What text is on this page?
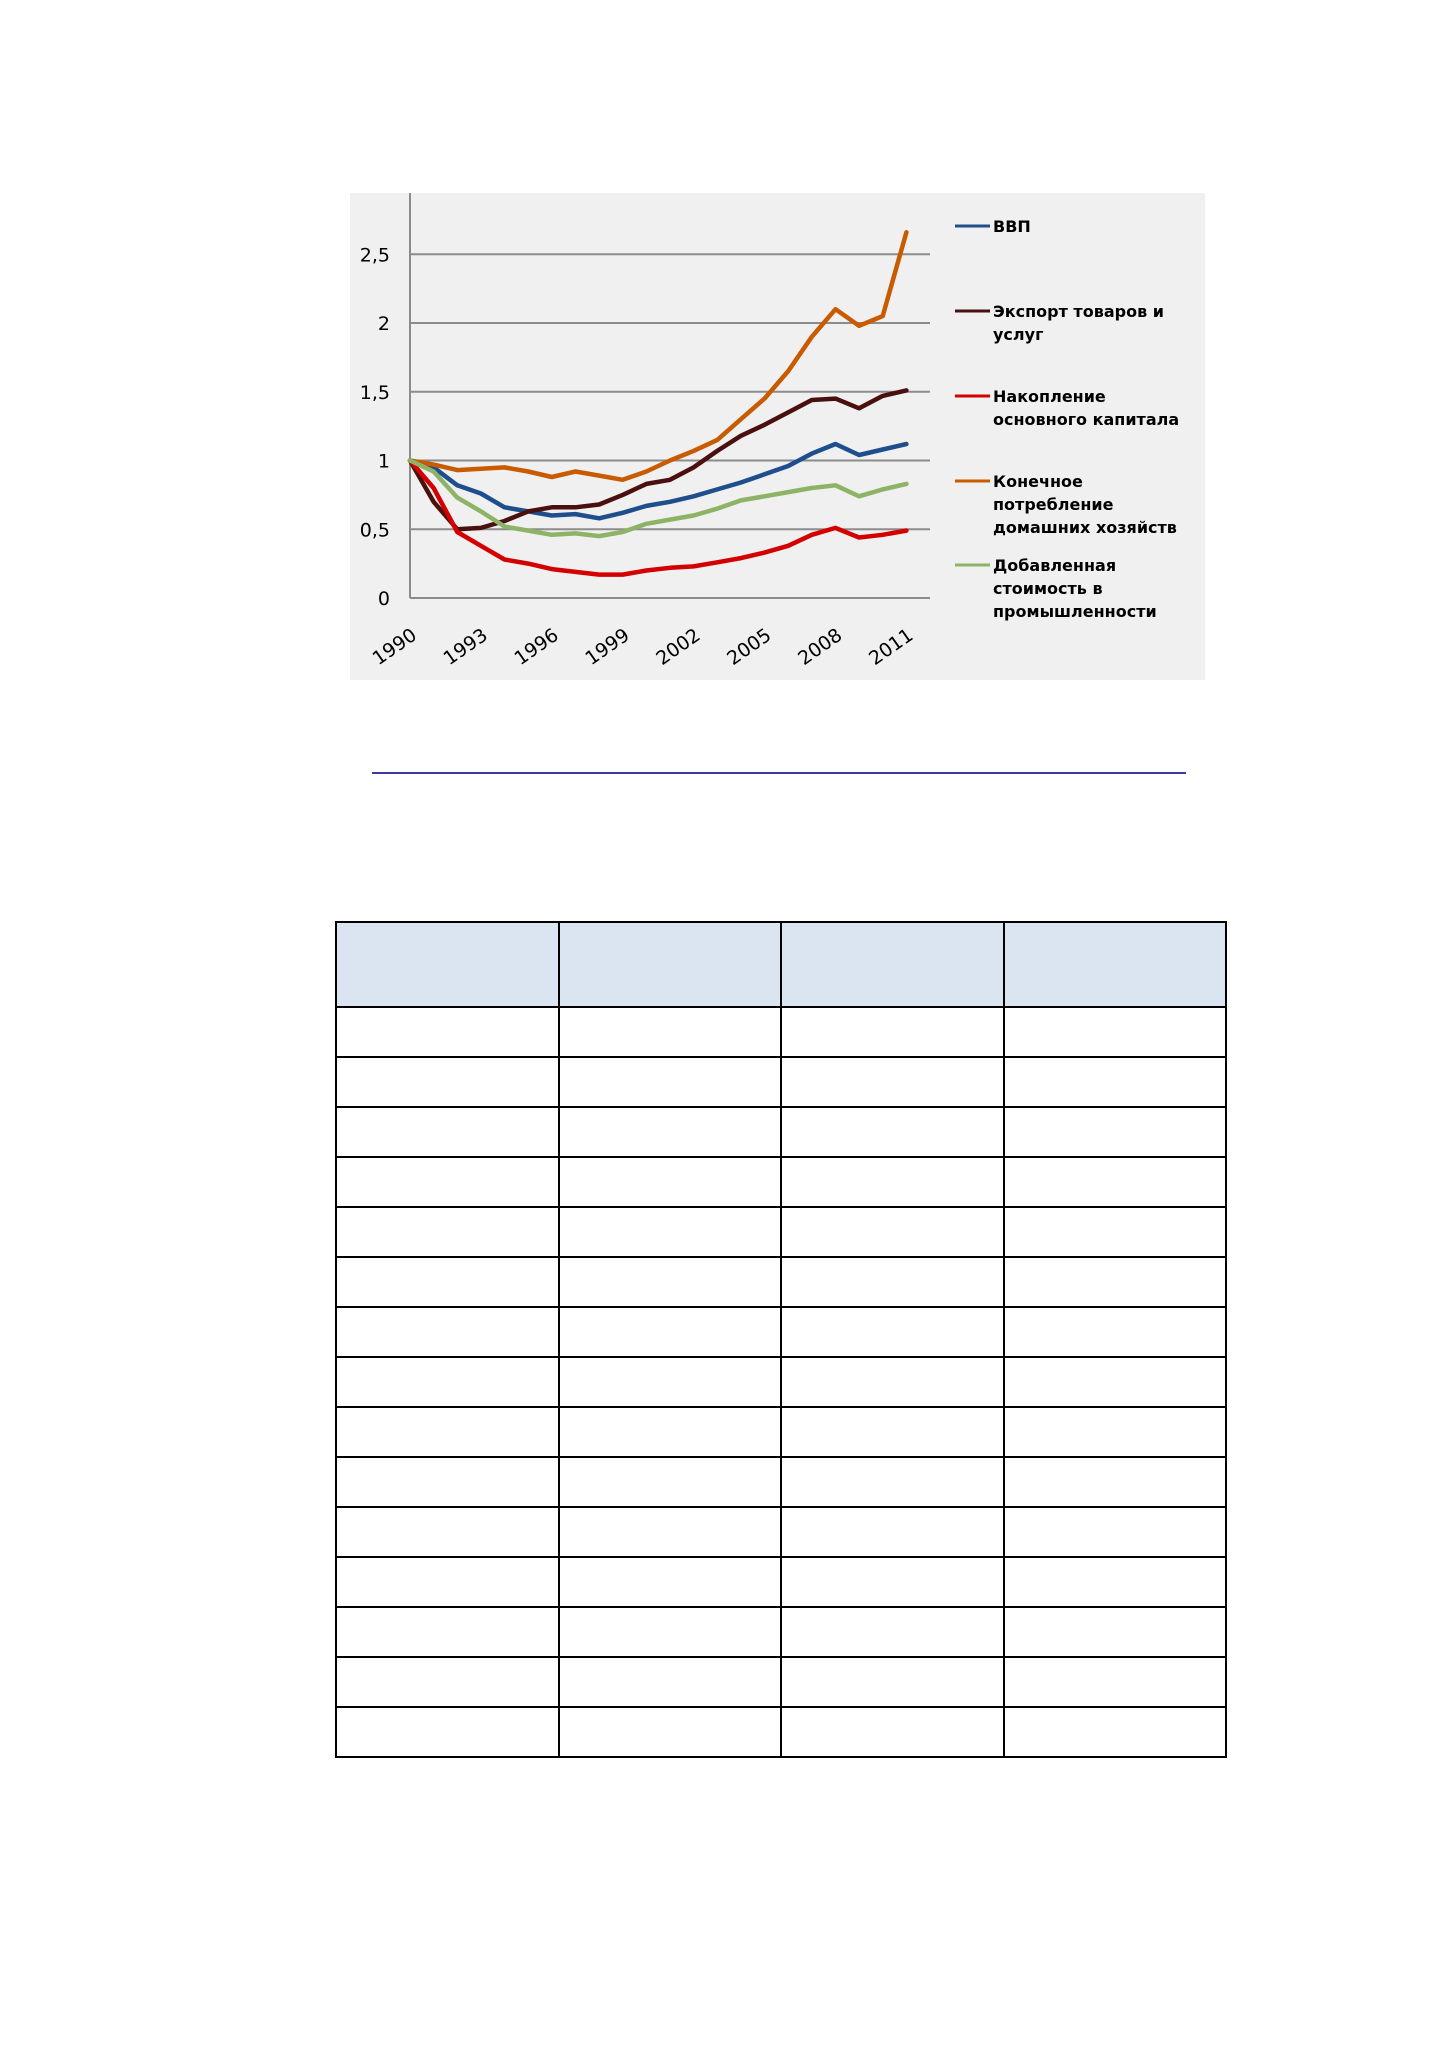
0
0,5
1
1,5
2
2,5
1990 1993 1996 1999 2002 2005 2008 2011
ВВП
Экспорт товаров и
услуг
Накопление
основного капитала
Конечное
потребление
домашних хозяйств
Добавленная
стоимость в
промышленности
